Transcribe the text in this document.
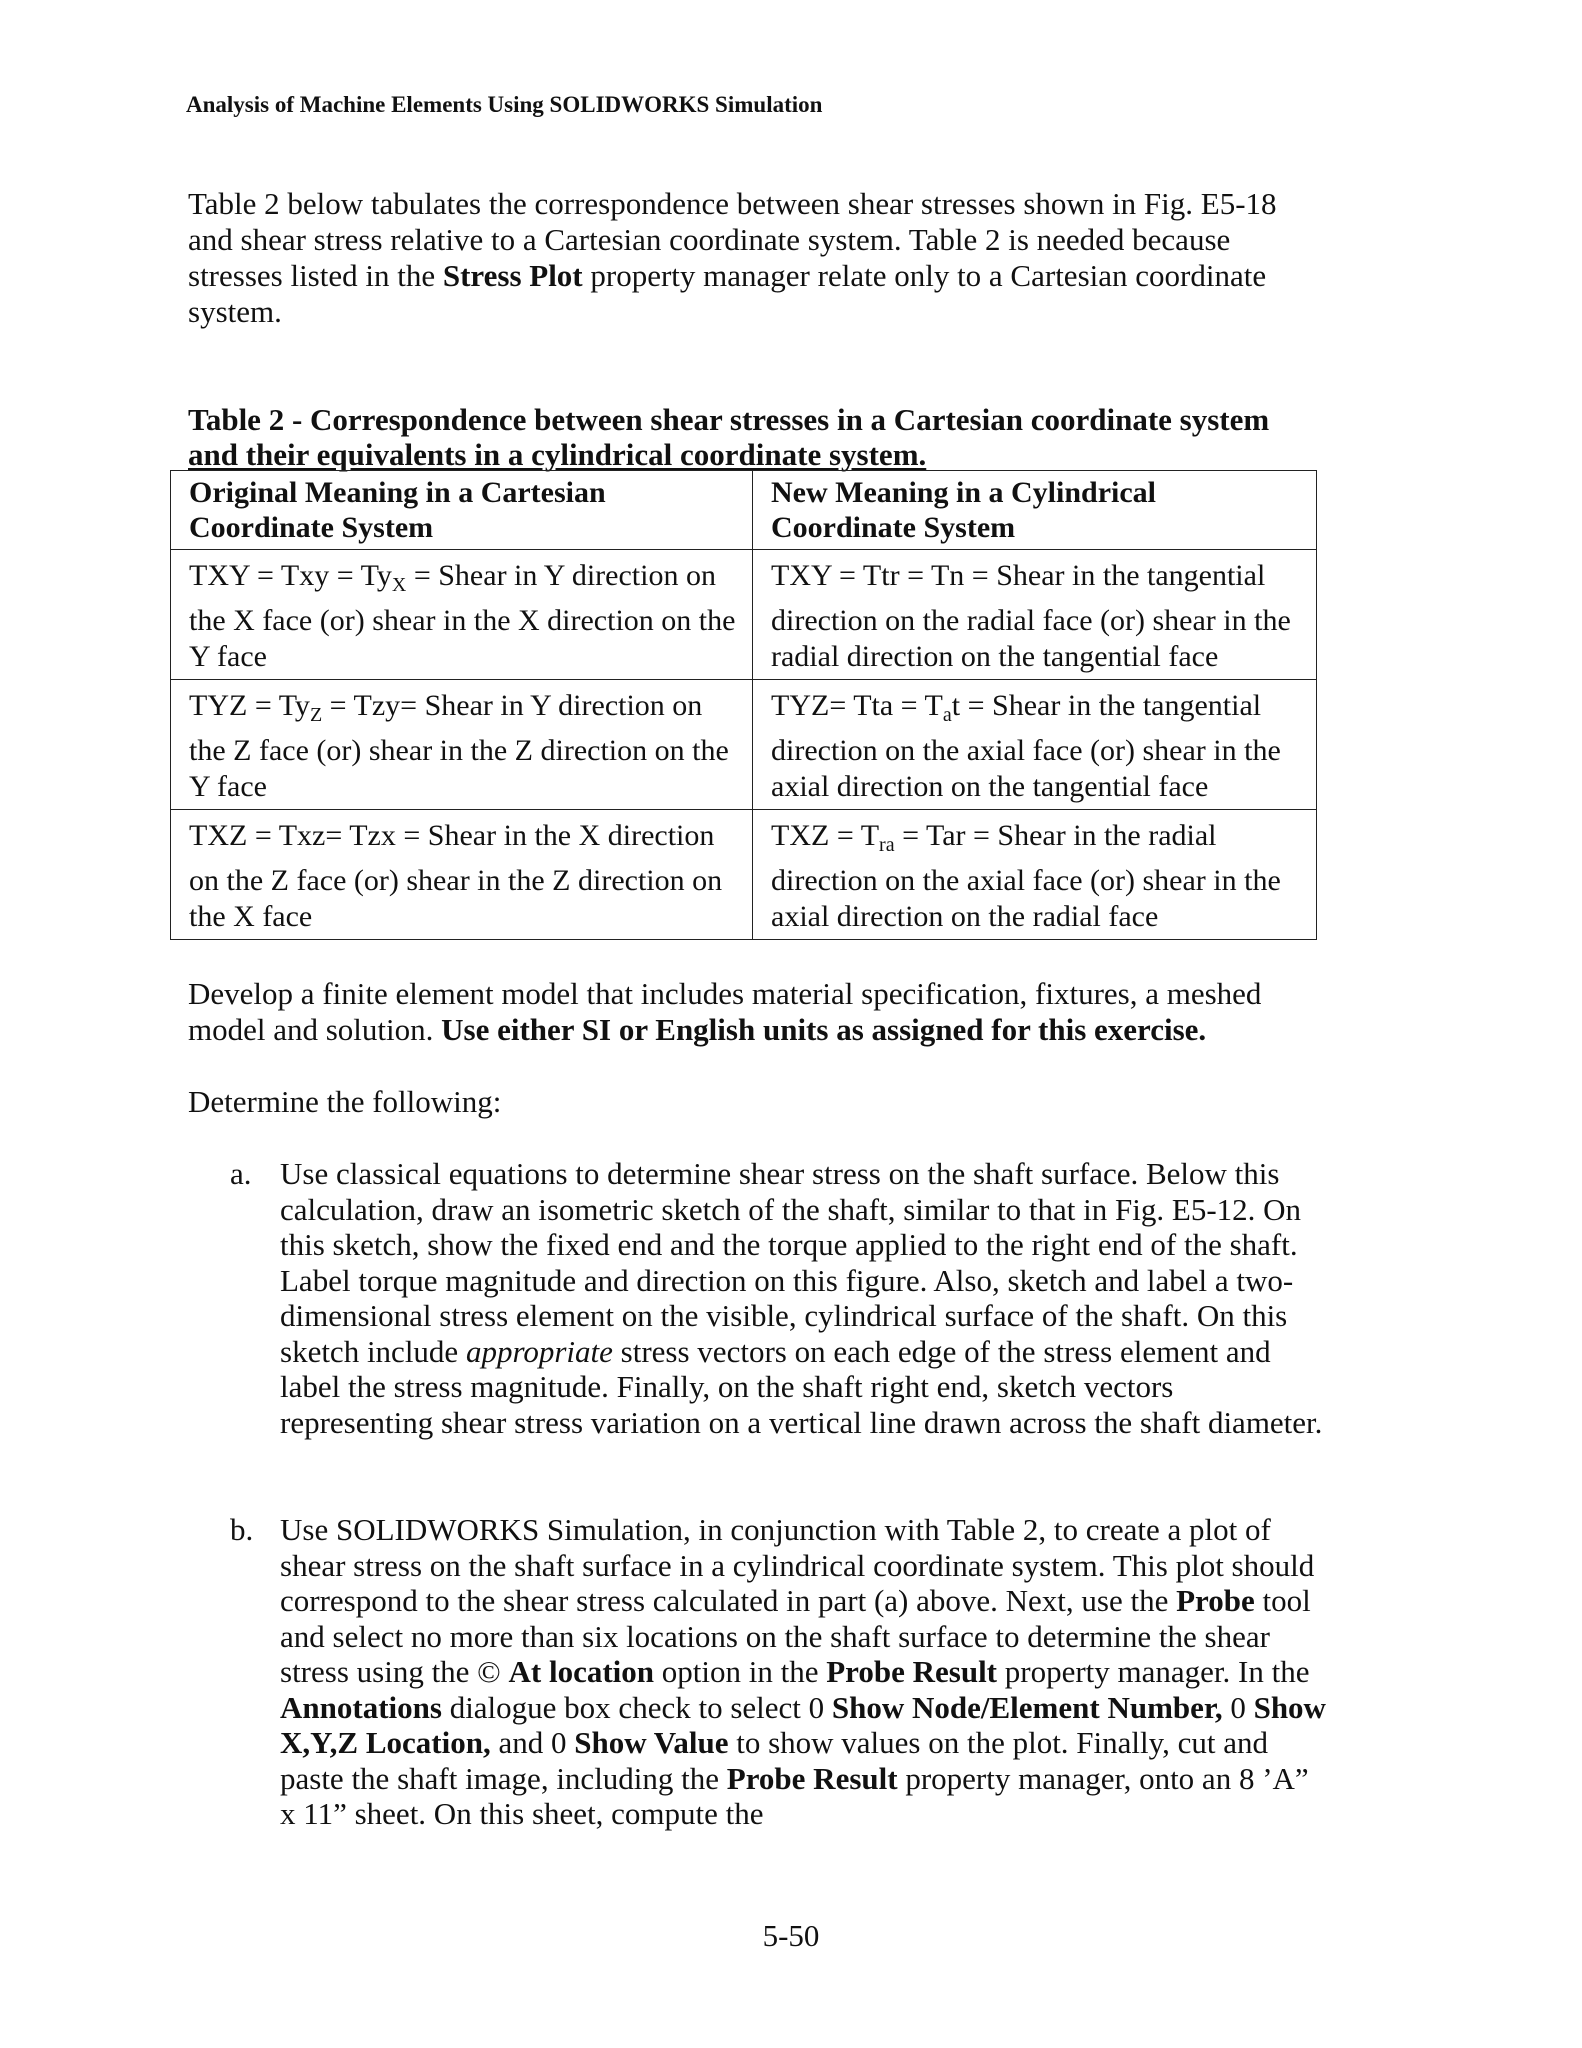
Analysis of Machine Elements Using SOLIDWORKS Simulation

Table 2 below tabulates the correspondence between shear stresses shown in Fig. E5-18 and shear stress relative to a Cartesian coordinate system. Table 2 is needed because stresses listed in the Stress Plot property manager relate only to a Cartesian coordinate system.

Table 2 - Correspondence between shear stresses in a Cartesian coordinate system
and their equivalents in a cylindrical coordinate system.
Original Meaning in a Cartesian Coordinate System	New Meaning in a Cylindrical Coordinate System
TXY = Txy = $Ty_X$ = Shear in Y direction on the X face (or) shear in the X direction on the Y face	TXY = Ttr = Tn = Shear in the tangential direction on the radial face (or) shear in the radial direction on the tangential face
TYZ = $Ty_Z = Tzy=$ Shear in Y direction on the Z face (or) shear in the Z direction on the Y face	TYZ= Tta = $T_at$ = Shear in the tangential direction on the axial face (or) shear in the axial direction on the tangential face
TXZ = Txz= Tzx = Shear in the X direction on the Z face (or) shear in the Z direction on the X face	TXZ = $T_{ra}$ = Tar = Shear in the radial direction on the axial face (or) shear in the axial direction on the radial face

Develop a finite element model that includes material specification, fixtures, a meshed model and solution. Use either SI or English units as assigned for this exercise.

Determine the following:

a. Use classical equations to determine shear stress on the shaft surface. Below this calculation, draw an isometric sketch of the shaft, similar to that in Fig. E5-12. On this sketch, show the fixed end and the torque applied to the right end of the shaft. Label torque magnitude and direction on this figure. Also, sketch and label a two-dimensional stress element on the visible, cylindrical surface of the shaft. On this sketch include appropriate stress vectors on each edge of the stress element and label the stress magnitude. Finally, on the shaft right end, sketch vectors representing shear stress variation on a vertical line drawn across the shaft diameter.
b. Use SOLIDWORKS Simulation, in conjunction with Table 2, to create a plot of shear stress on the shaft surface in a cylindrical coordinate system. This plot should correspond to the shear stress calculated in part (a) above. Next, use the Probe tool and select no more than six locations on the shaft surface to determine the shear stress using the © At location option in the Probe Result property manager. In the Annotations dialogue box check to select 0 Show Node/Element Number, 0 Show X,Y,Z Location, and 0 Show Value to show values on the plot. Finally, cut and paste the shaft image, including the Probe Result property manager, onto an 8 ’A” x 11” sheet. On this sheet, compute the
5-50
